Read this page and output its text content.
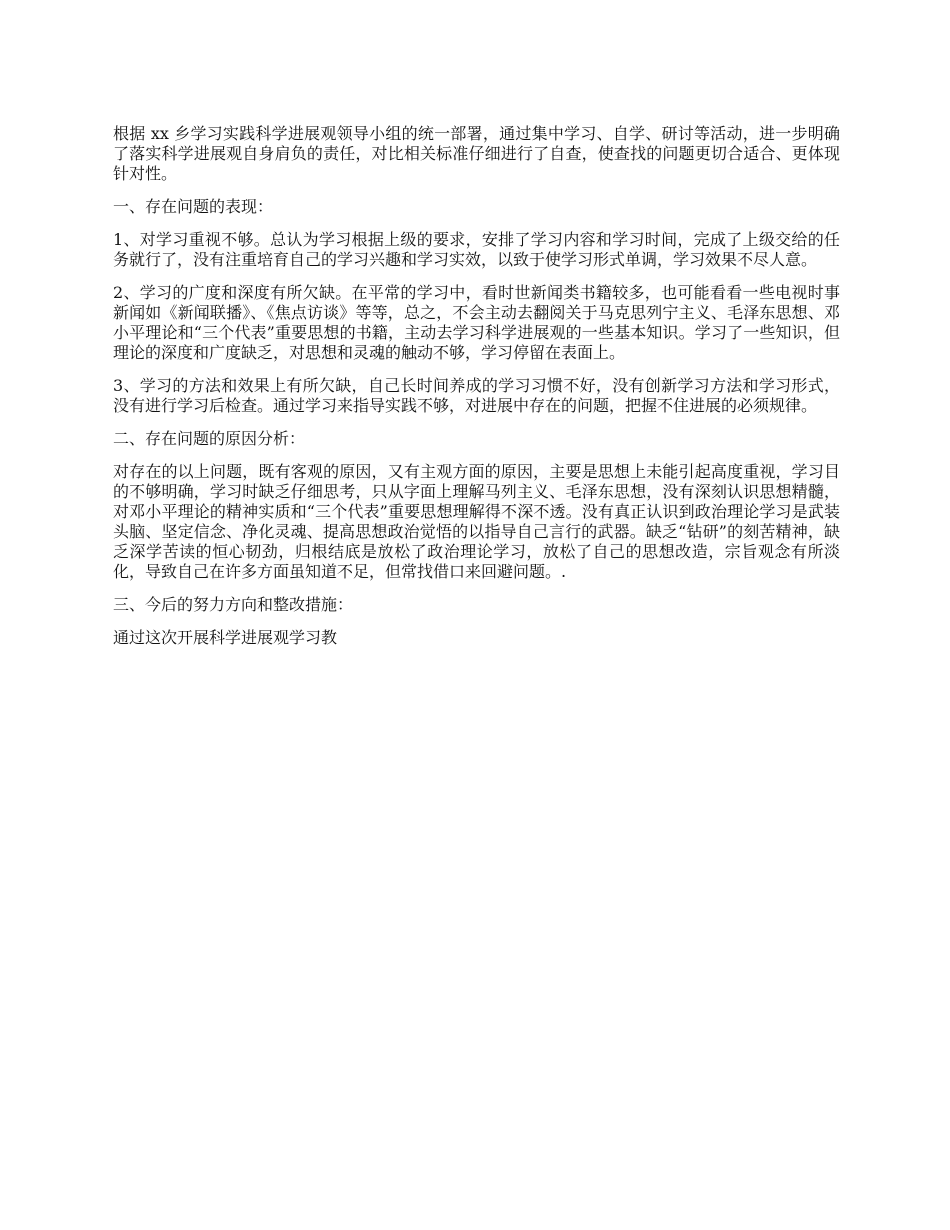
根据 xx 乡学习实践科学进展观领导小组的统一部署，通过集中学习、自学、研讨等活动，进一步明确了落实科学进展观自身肩负的责任，对比相关标准仔细进行了自查，使查找的问题更切合适合、更体现针对性。

一、存在问题的表现：

1、对学习重视不够。总认为学习根据上级的要求，安排了学习内容和学习时间，完成了上级交给的任务就行了，没有注重培育自己的学习兴趣和学习实效，以致于使学习形式单调，学习效果不尽人意。

2、学习的广度和深度有所欠缺。在平常的学习中，看时世新闻类书籍较多，也可能看看一些电视时事新闻如《新闻联播》、《焦点访谈》等等，总之，不会主动去翻阅关于马克思列宁主义、毛泽东思想、邓小平理论和“三个代表”重要思想的书籍，主动去学习科学进展观的一些基本知识。学习了一些知识，但理论的深度和广度缺乏，对思想和灵魂的触动不够，学习停留在表面上。

3、学习的方法和效果上有所欠缺，自己长时间养成的学习习惯不好，没有创新学习方法和学习形式，没有进行学习后检查。通过学习来指导实践不够，对进展中存在的问题，把握不住进展的必须规律。

二、存在问题的原因分析：

对存在的以上问题，既有客观的原因，又有主观方面的原因，主要是思想上未能引起高度重视，学习目的不够明确，学习时缺乏仔细思考，只从字面上理解马列主义、毛泽东思想，没有深刻认识思想精髓，对邓小平理论的精神实质和“三个代表”重要思想理解得不深不透。没有真正认识到政治理论学习是武装头脑、坚定信念、净化灵魂、提高思想政治觉悟的以指导自己言行的武器。缺乏“钻研”的刻苦精神，缺乏深学苦读的恒心韧劲，归根结底是放松了政治理论学习，放松了自己的思想改造，宗旨观念有所淡化，导致自己在许多方面虽知道不足，但常找借口来回避问题。.

三、今后的努力方向和整改措施：

通过这次开展科学进展观学习教
